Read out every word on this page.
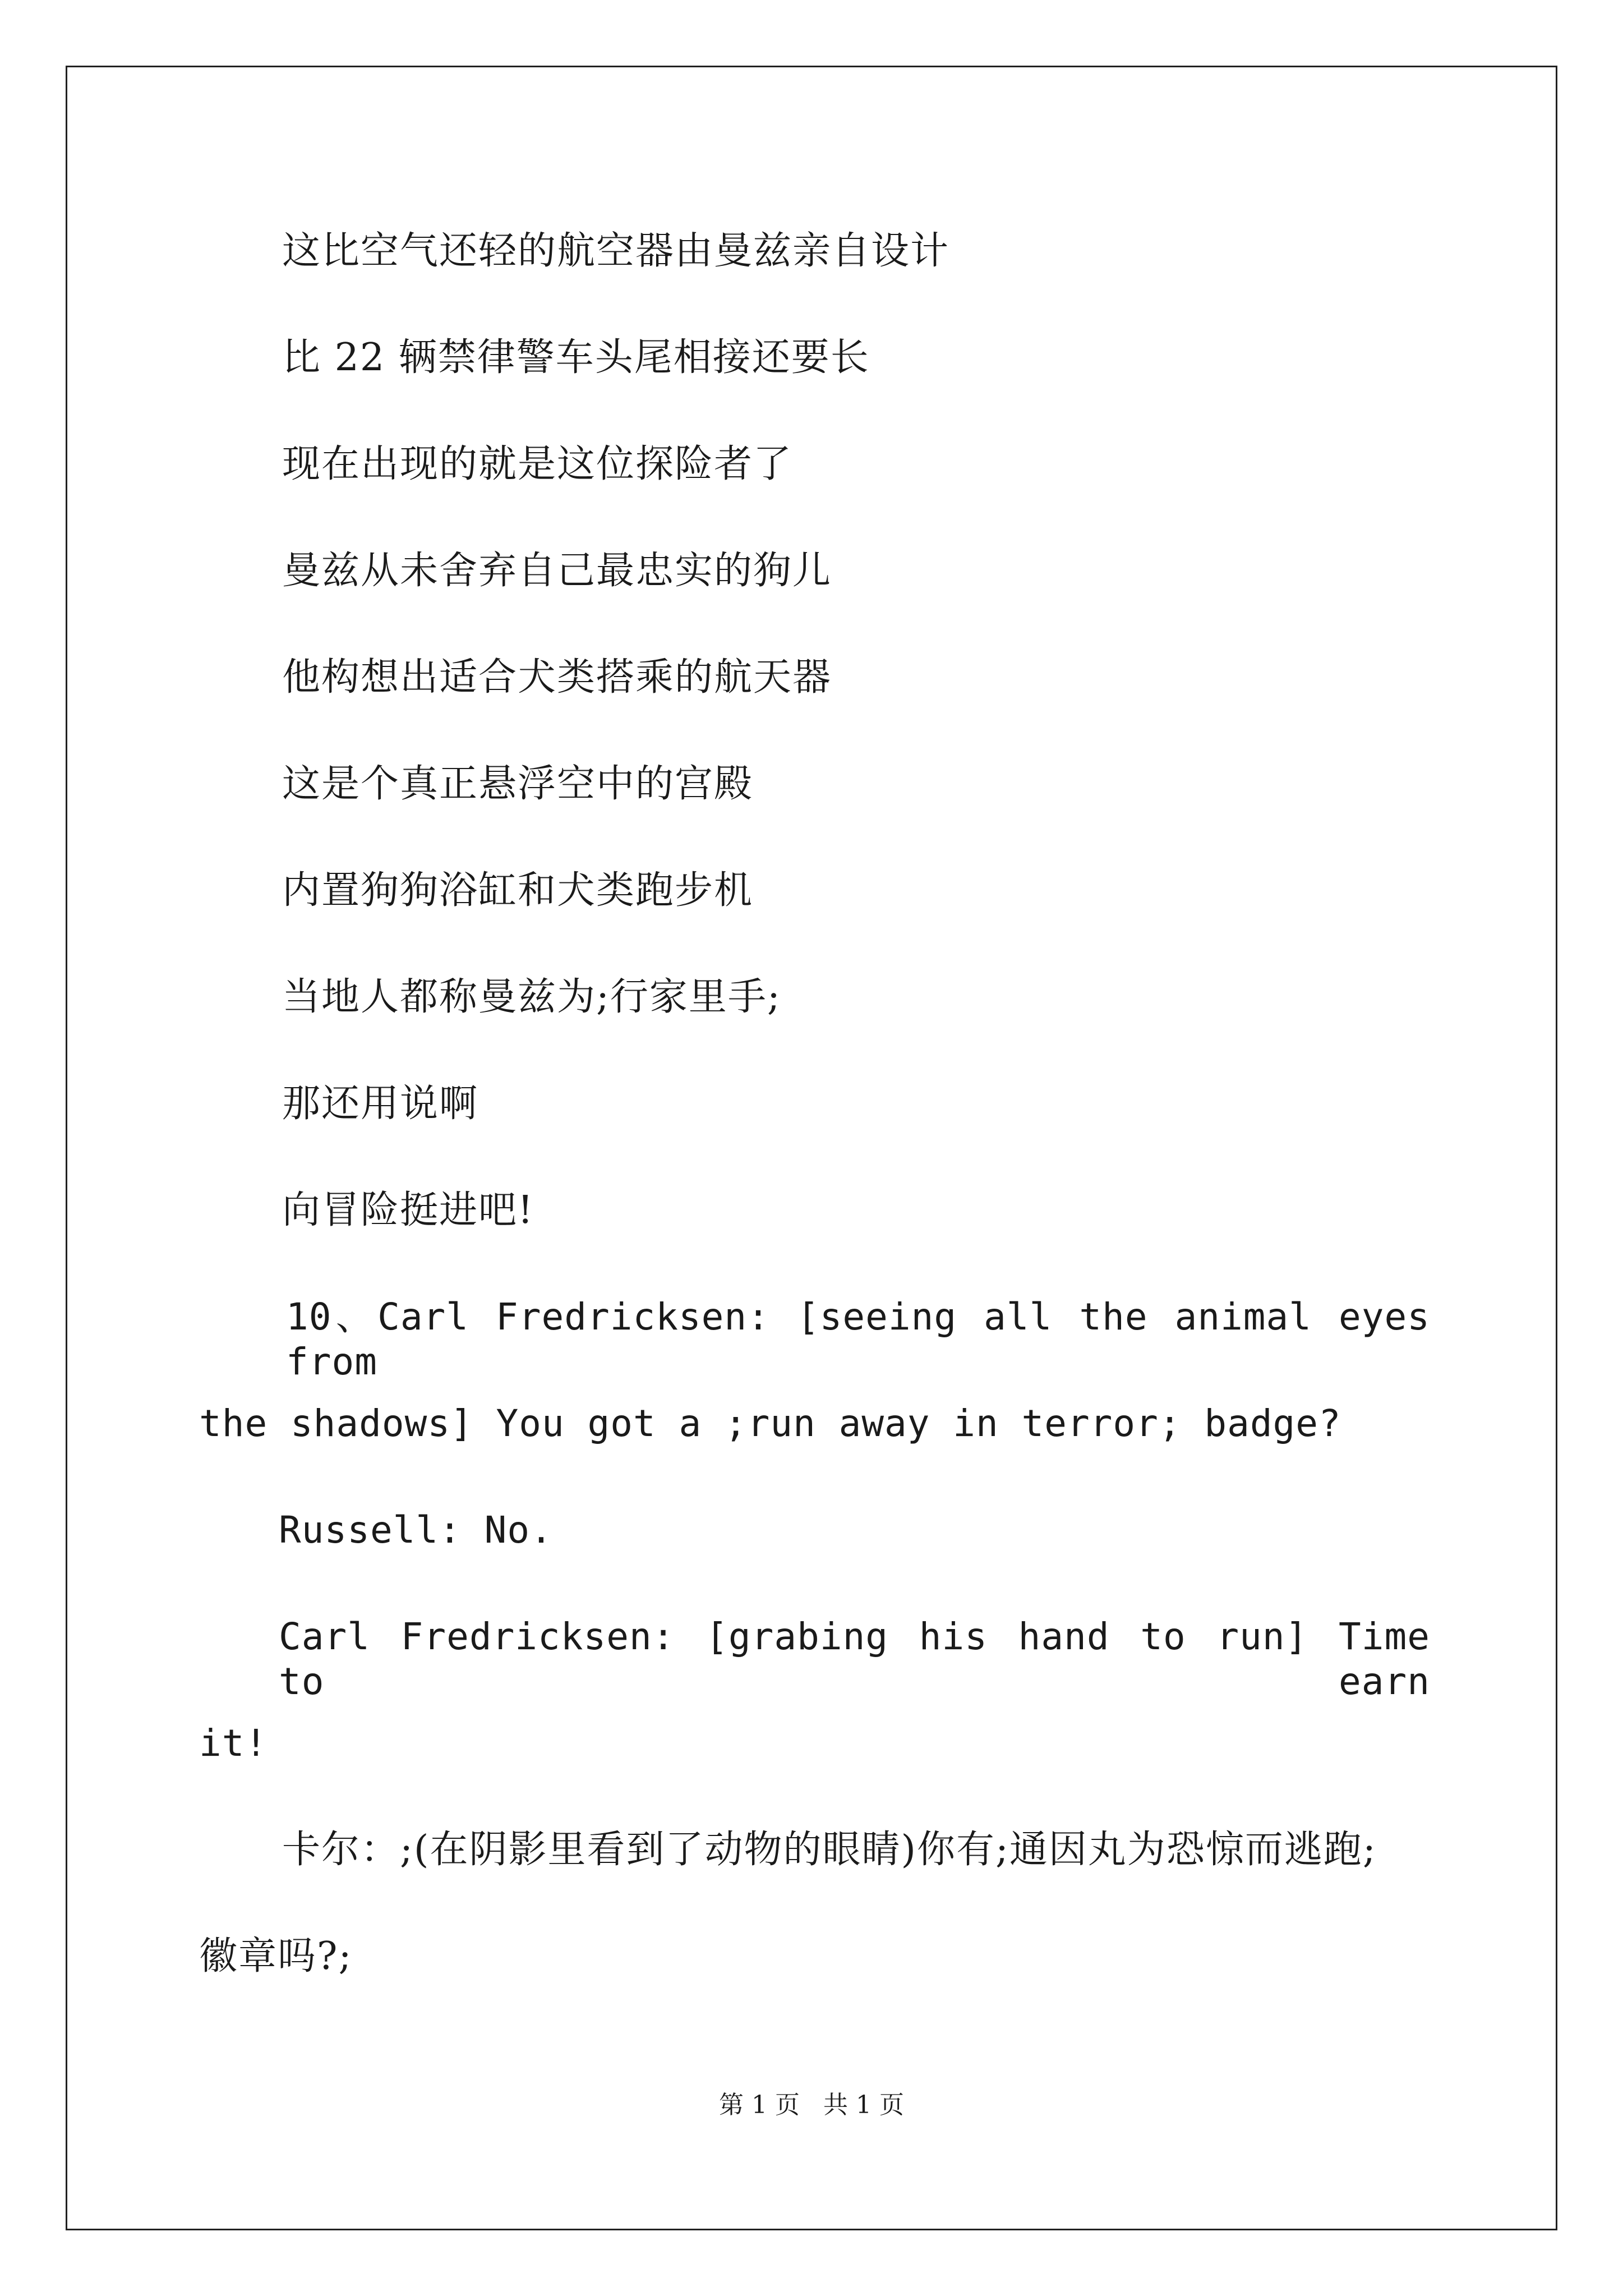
这比空气还轻的航空器由曼兹亲自设计
比 22 辆禁律警车头尾相接还要长
现在出现的就是这位探险者了
曼兹从未舍弃自己最忠实的狗儿
他构想出适合犬类搭乘的航天器
这是个真正悬浮空中的宫殿
内置狗狗浴缸和犬类跑步机
当地人都称曼兹为;行家里手;
那还用说啊
向冒险挺进吧!
10、Carl Fredricksen: [seeing all the animal eyes from
the shadows] You got a ;run away in terror; badge?
Russell: No.
Carl Fredricksen: [grabing his hand to run] Time to earn
it!
卡尔：;(在阴影里看到了动物的眼睛)你有;通因丸为恐惊而逃跑;
徽章吗?;
第 1 页 共 1 页
